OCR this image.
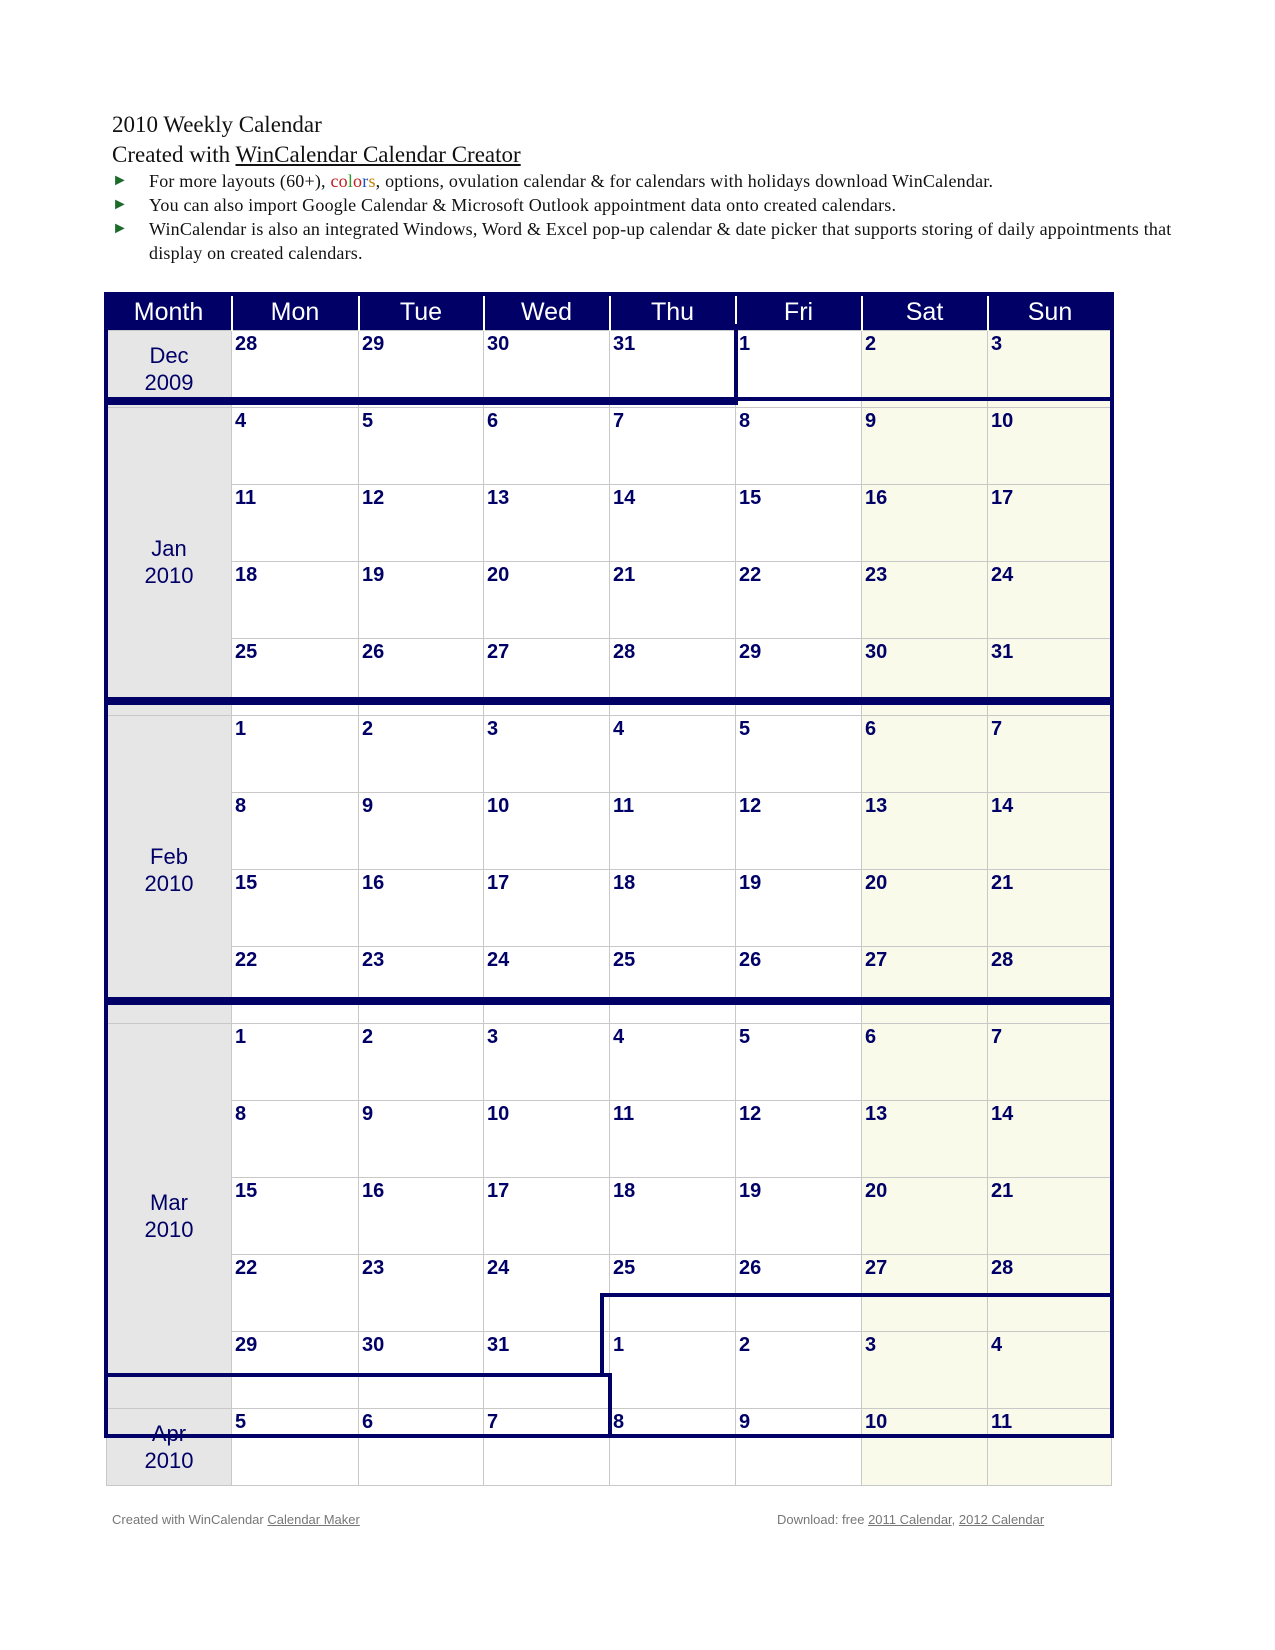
2010 Weekly Calendar
Created with WinCalendar Calendar Creator
► For more layouts (60+), colors, options, ovulation calendar & for calendars with holidays download WinCalendar.
► You can also import Google Calendar & Microsoft Outlook appointment data onto created calendars.
► WinCalendar is also an integrated Windows, Word & Excel pop-up calendar & date picker that supports storing of daily appointments that display on created calendars.
Month	Mon	Tue	Wed	Thu	Fri	Sat	Sun

Dec
2009	28	29	30	31	1	2	3

Jan
2010	4	5	6	7	8	9	10

	11	12	13	14	15	16	17

	18	19	20	21	22	23	24

	25	26	27	28	29	30	31

Feb
2010	1	2	3	4	5	6	7

	8	9	10	11	12	13	14

	15	16	17	18	19	20	21

	22	23	24	25	26	27	28

Mar
2010	1	2	3	4	5	6	7

	8	9	10	11	12	13	14

	15	16	17	18	19	20	21

	22	23	24	25	26	27	28

	29	30	31	1	2	3	4

Apr
2010	5	6	7	8	9	10	11
Created with WinCalendar Calendar Maker	Download: free 2011 Calendar, 2012 Calendar
